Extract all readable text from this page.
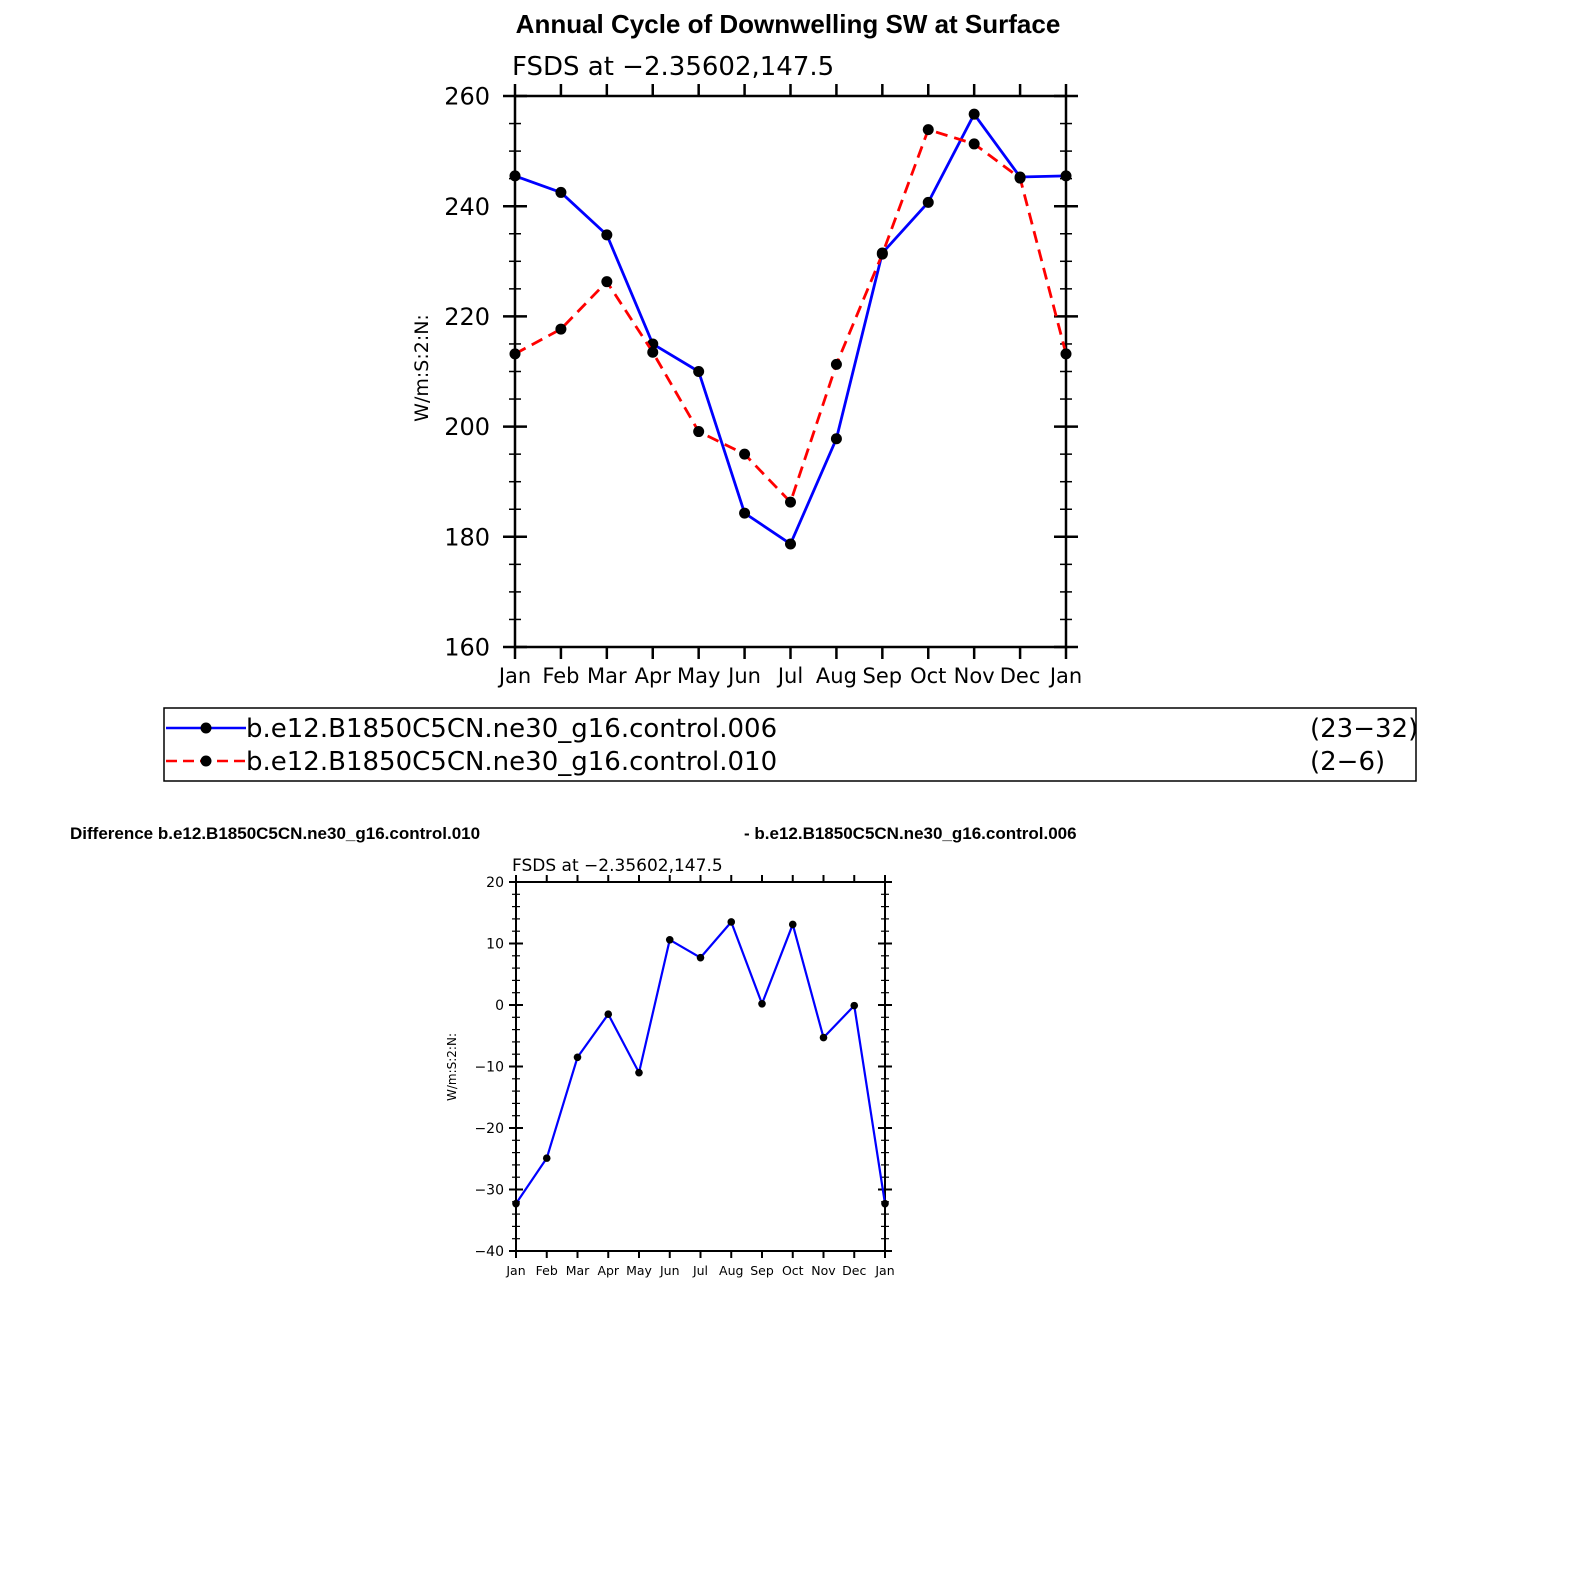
Annual Cycle of Downwelling SW at Surface
FSDS at −2.35602,147.5
W/m:S:2:N:
Jan Feb Mar Apr May Jun Jul Aug Sep Oct Nov Dec Jan
160
180
200
220
240
260
b.e12.B1850C5CN.ne30_g16.control.006	(23−32)
b.e12.B1850C5CN.ne30_g16.control.010	(2−6)
Difference b.e12.B1850C5CN.ne30_g16.control.010	- b.e12.B1850C5CN.ne30_g16.control.006
FSDS at −2.35602,147.5
W/m:S:2:N:
Jan Feb Mar Apr May Jun Jul Aug Sep Oct Nov Dec Jan
−40
−30
−20
−10
0
10
20
